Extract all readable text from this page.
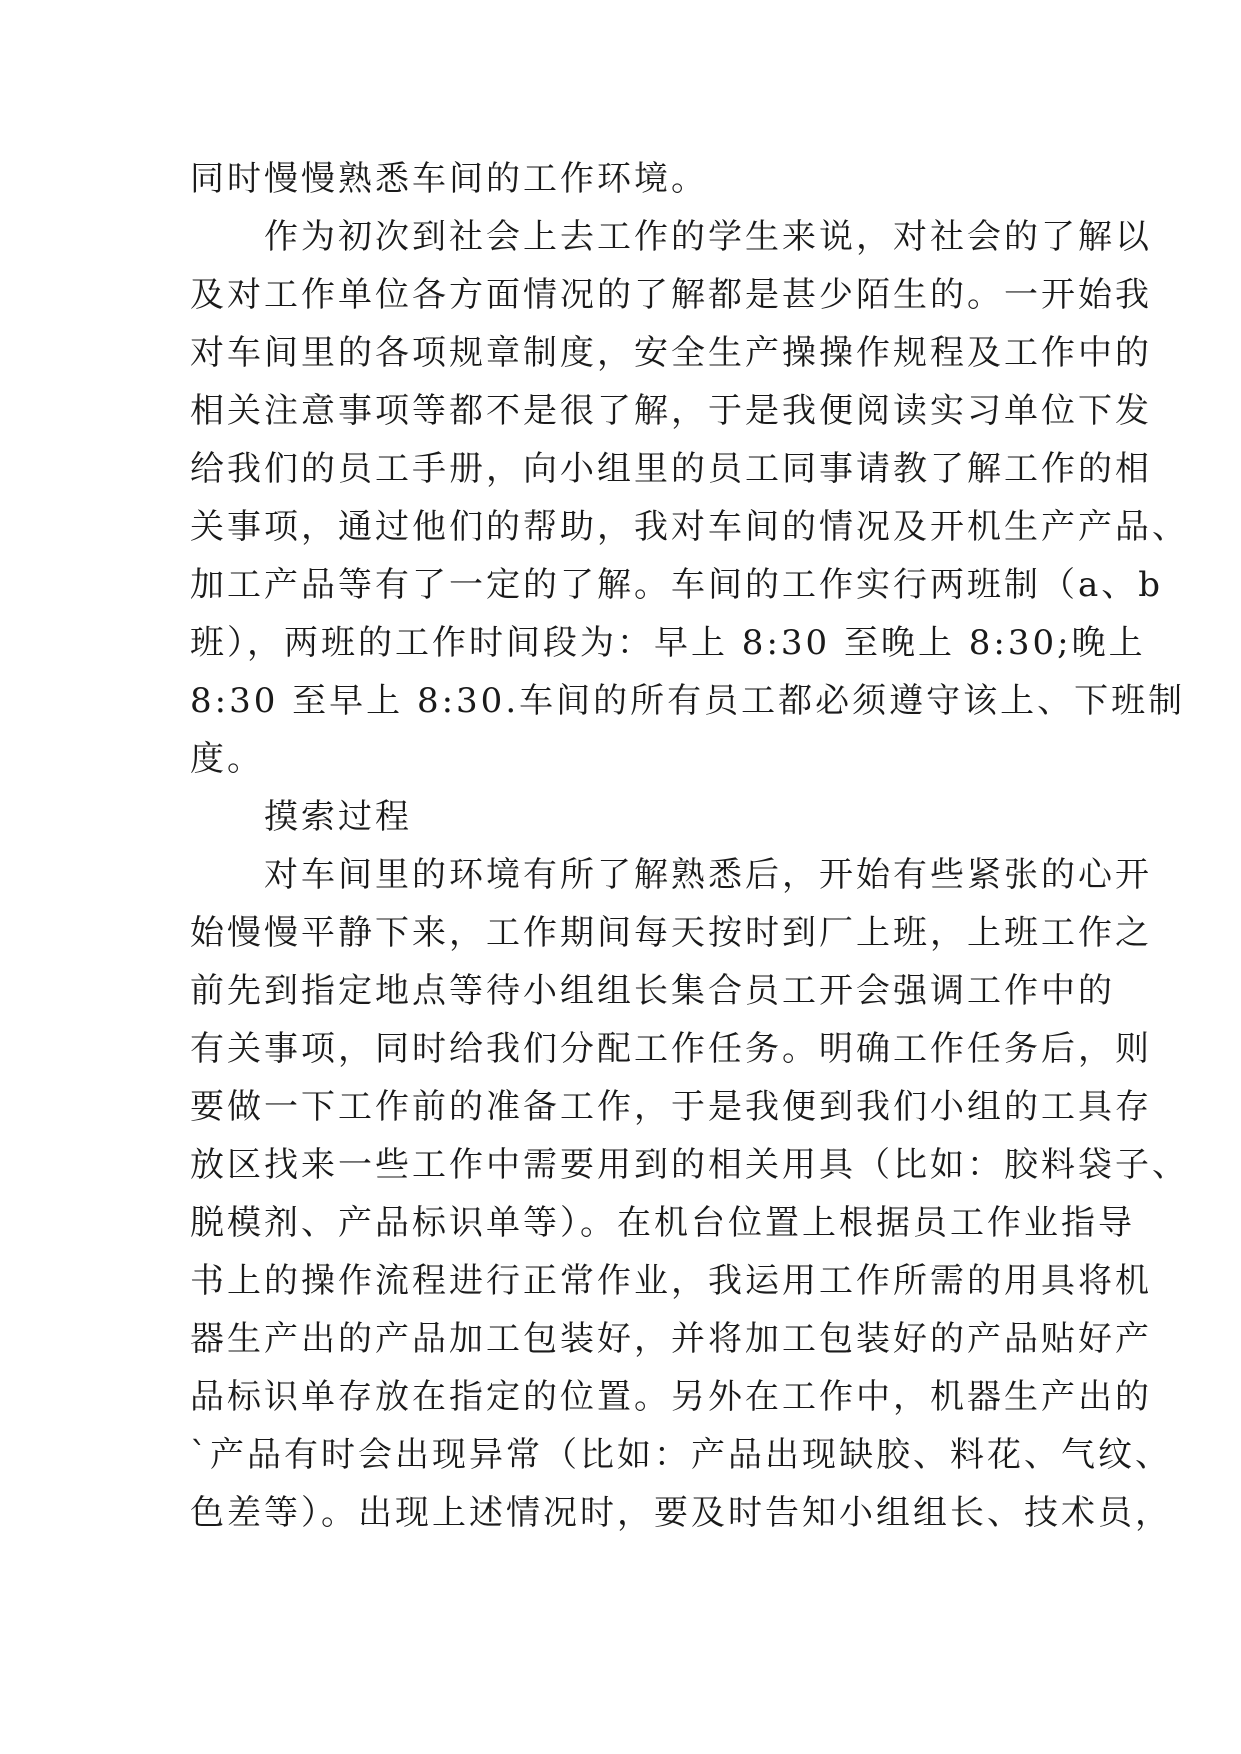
同时慢慢熟悉车间的工作环境。
　　作为初次到社会上去工作的学生来说，对社会的了解以
及对工作单位各方面情况的了解都是甚少陌生的。一开始我
对车间里的各项规章制度，安全生产操操作规程及工作中的
相关注意事项等都不是很了解，于是我便阅读实习单位下发
给我们的员工手册，向小组里的员工同事请教了解工作的相
关事项，通过他们的帮助，我对车间的情况及开机生产产品、
加工产品等有了一定的了解。车间的工作实行两班制（a、b
班），两班的工作时间段为：早上 8:30 至晚上 8:30;晚上
8:30 至早上 8:30.车间的所有员工都必须遵守该上、下班制
度。
　　摸索过程
　　对车间里的环境有所了解熟悉后，开始有些紧张的心开
始慢慢平静下来，工作期间每天按时到厂上班，上班工作之
前先到指定地点等待小组组长集合员工开会强调工作中的
有关事项，同时给我们分配工作任务。明确工作任务后，则
要做一下工作前的准备工作，于是我便到我们小组的工具存
放区找来一些工作中需要用到的相关用具（比如：胶料袋子、
脱模剂、产品标识单等）。在机台位置上根据员工作业指导
书上的操作流程进行正常作业，我运用工作所需的用具将机
器生产出的产品加工包装好，并将加工包装好的产品贴好产
品标识单存放在指定的位置。另外在工作中，机器生产出的
`产品有时会出现异常（比如：产品出现缺胶、料花、气纹、
色差等）。出现上述情况时，要及时告知小组组长、技术员，
